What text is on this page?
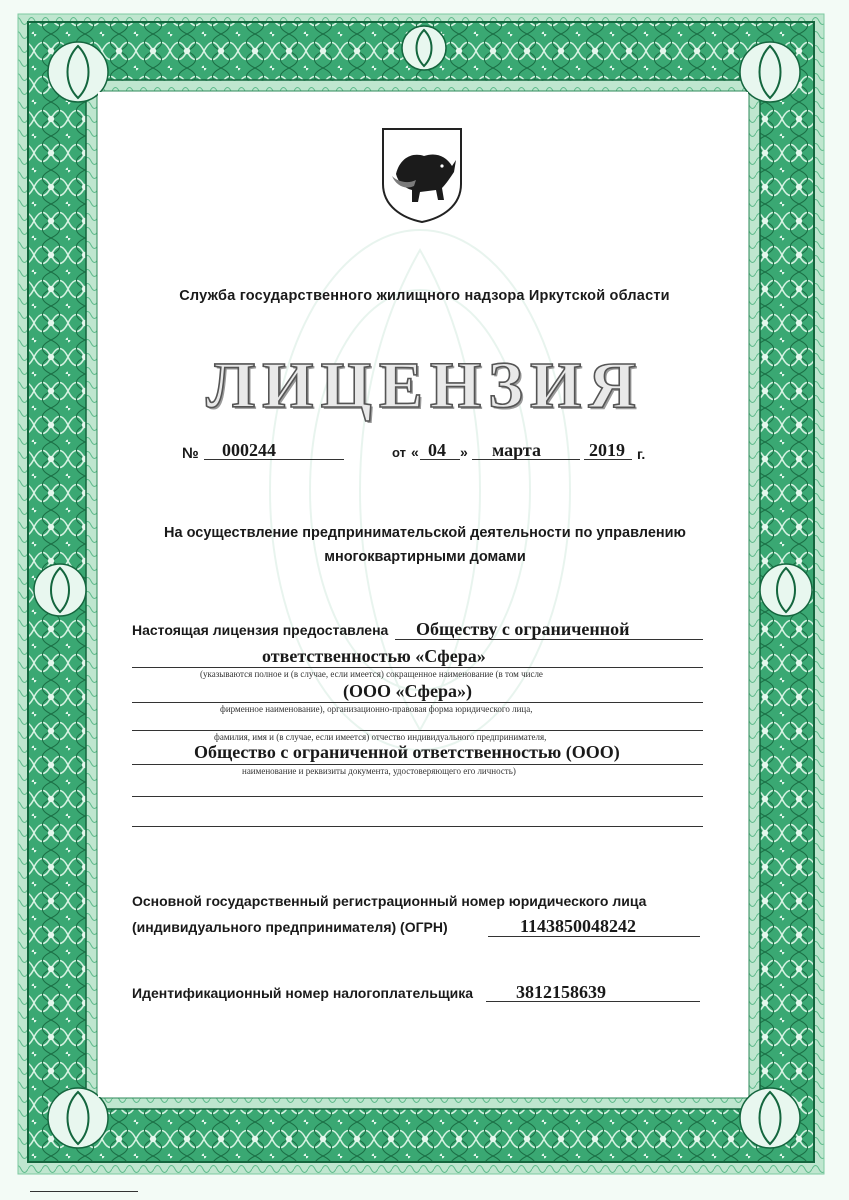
Служба государственного жилищного надзора Иркутской области
ЛИЦЕНЗИЯ
№ 000244	от « 04 » марта	2019 г.
На осуществление предпринимательской деятельности по управлению многоквартирными домами
Настоящая лицензия предоставлена Обществу с ограниченной
ответственностью «Сфера»
(указываются полное и (в случае, если имеется) сокращенное наименование (в том числе
(ООО «Сфера»)
фирменное наименование), организационно-правовая форма юридического лица,
фамилия, имя и (в случае, если имеется) отчество индивидуального предпринимателя,
Общество с ограниченной ответственностью (ООО)
наименование и реквизиты документа, удостоверяющего его личность)
Основной государственный регистрационный номер юридического лица
(индивидуального предпринимателя) (ОГРН)	1143850048242
Идентификационный номер налогоплательщика 3812158639
